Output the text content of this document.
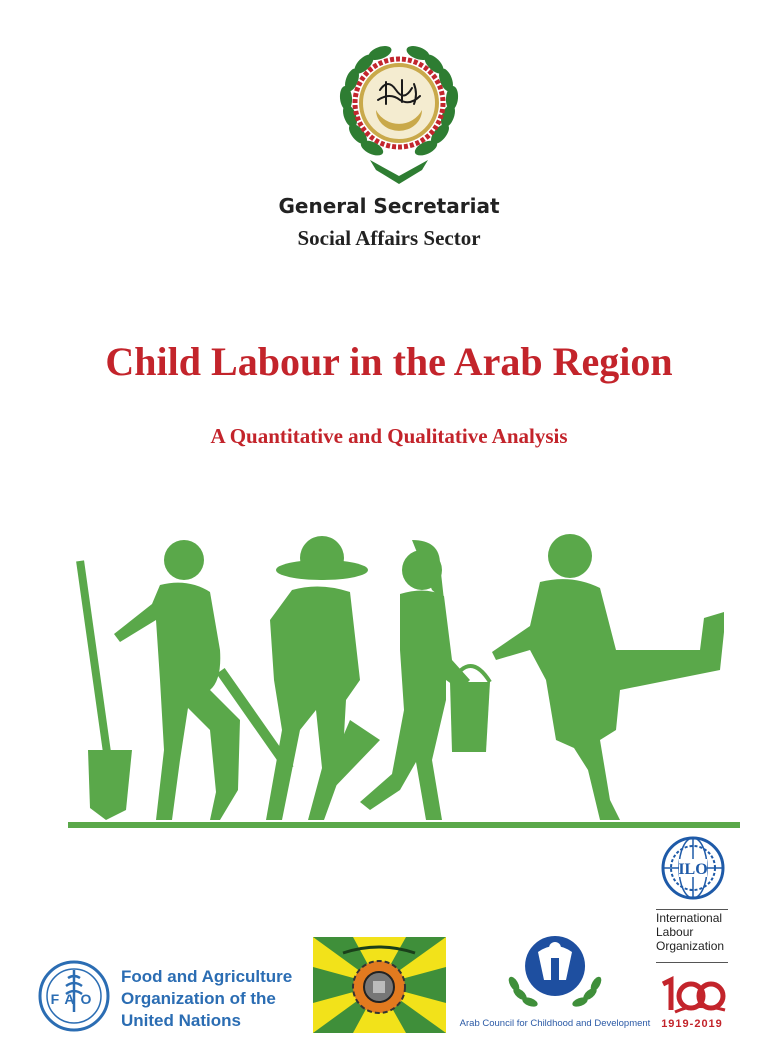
General Secretariat
Social Affairs Sector
Child Labour in the Arab Region
A Quantitative and Qualitative Analysis
ILO
International
Labour
Organization
1919-2019
FAO
Food and Agriculture
Organization of the
United Nations	Arab Council for Childhood and Development
